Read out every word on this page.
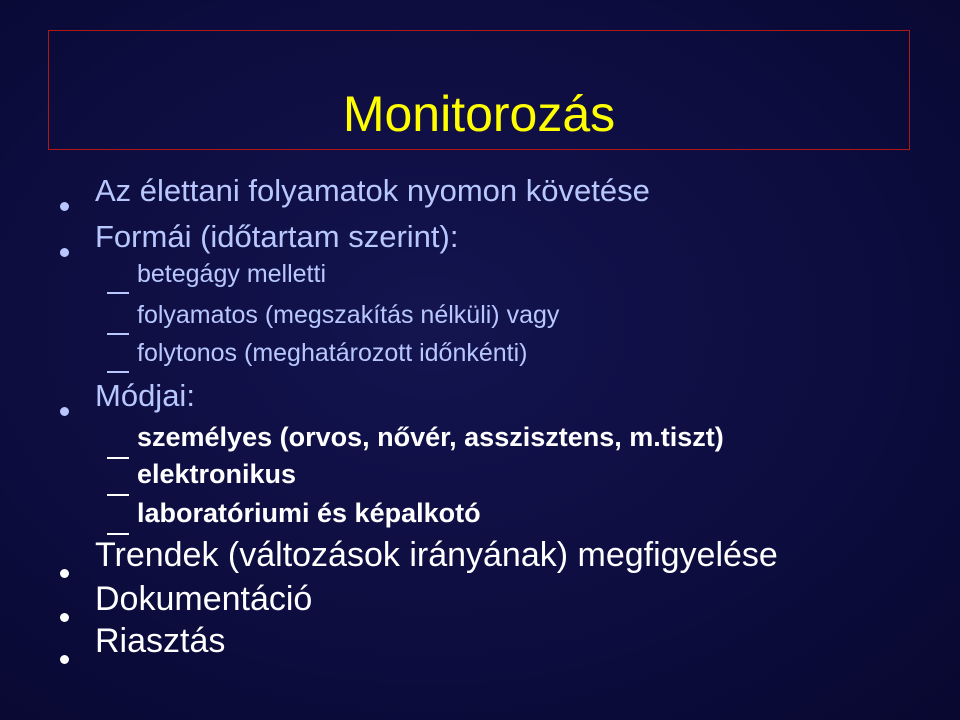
Monitorozás
Az élettani folyamatok nyomon követése
Formái (időtartam szerint):
betegágy melletti
folyamatos (megszakítás nélküli) vagy
folytonos (meghatározott időnkénti)
Módjai:
személyes (orvos, nővér, asszisztens, m.tiszt)
elektronikus
laboratóriumi és képalkotó
Trendek (változások irányának) megfigyelése
Dokumentáció
Riasztás
